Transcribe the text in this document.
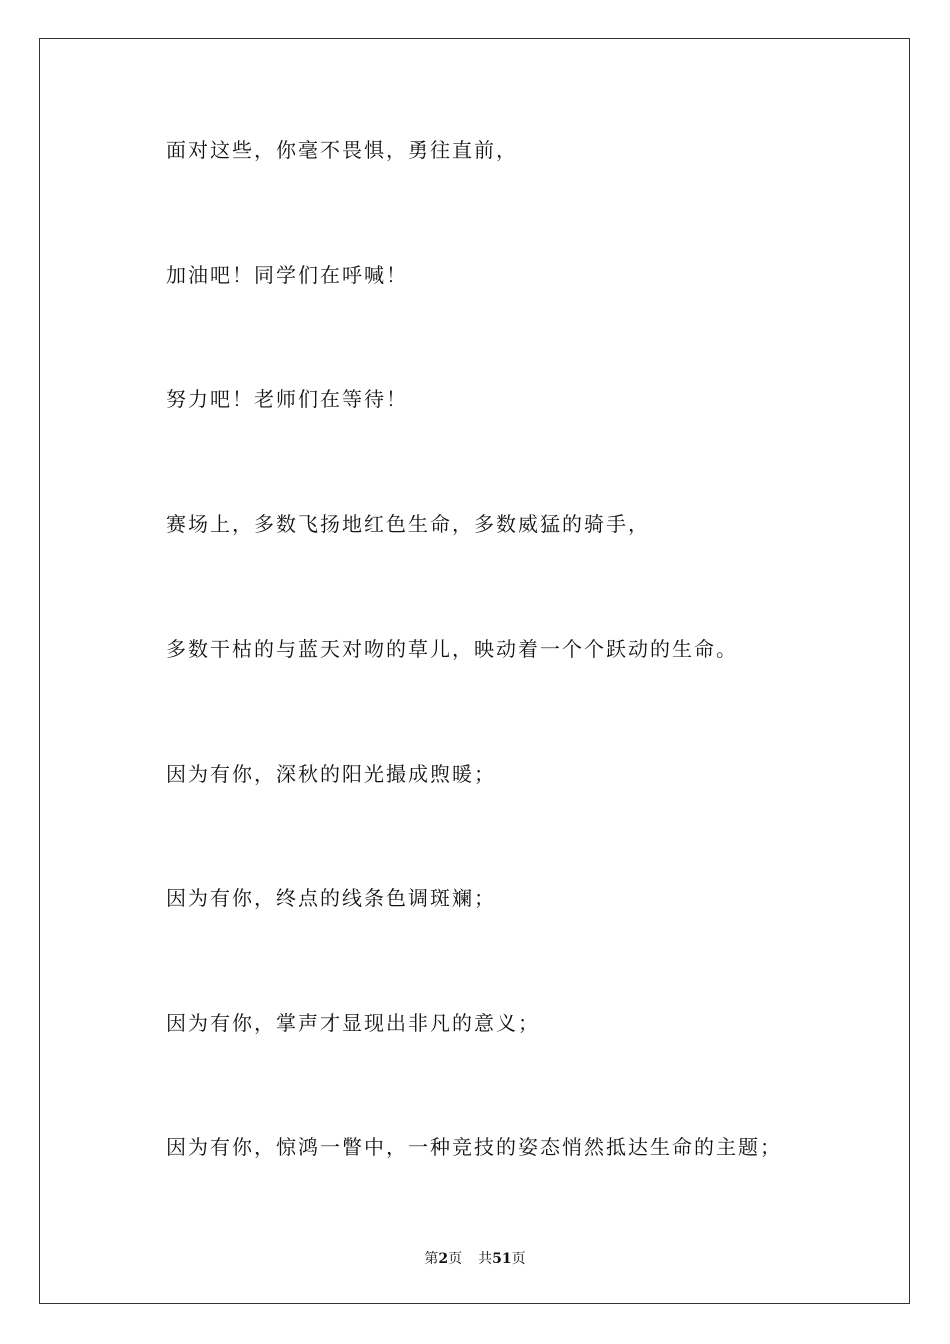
面对这些，你毫不畏惧，勇往直前，
加油吧！同学们在呼喊！
努力吧！老师们在等待！
赛场上，多数飞扬地红色生命，多数威猛的骑手，
多数干枯的与蓝天对吻的草儿，映动着一个个跃动的生命。
因为有你，深秋的阳光撮成煦暖；
因为有你，终点的线条色调斑斓；
因为有你，掌声才显现出非凡的意义；
因为有你，惊鸿一瞥中，一种竞技的姿态悄然抵达生命的主题；
第2页 共51页
